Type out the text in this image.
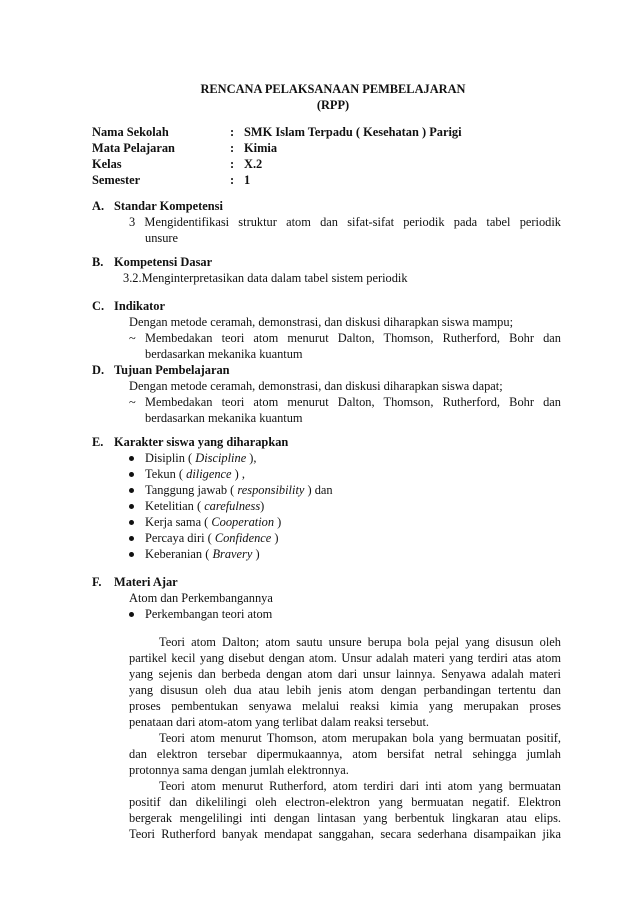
RENCANA PELAKSANAAN PEMBELAJARAN
(RPP)
Nama Sekolah	: SMK Islam Terpadu ( Kesehatan ) Parigi
Mata Pelajaran	: Kimia
Kelas	: X.2
Semester	: 1
A. Standar Kompetensi
3 Mengidentifikasi struktur atom dan sifat-sifat periodik pada tabel periodik
unsure
B. Kompetensi Dasar
3.2.Menginterpretasikan data dalam tabel sistem periodik
C. Indikator
Dengan metode ceramah, demonstrasi, dan diskusi diharapkan siswa mampu;
~ Membedakan teori atom menurut Dalton, Thomson, Rutherford, Bohr dan
berdasarkan mekanika kuantum
D. Tujuan Pembelajaran
Dengan metode ceramah, demonstrasi, dan diskusi diharapkan siswa dapat;
~ Membedakan teori atom menurut Dalton, Thomson, Rutherford, Bohr dan
berdasarkan mekanika kuantum
E. Karakter siswa yang diharapkan
Disiplin ( Discipline ),
Tekun ( diligence ) ,
Tanggung jawab ( responsibility ) dan
Ketelitian ( carefulness)
Kerja sama ( Cooperation )
Percaya diri ( Confidence )
Keberanian ( Bravery )
F. Materi Ajar
Atom dan Perkembangannya
Perkembangan teori atom
Teori atom Dalton; atom sautu unsure berupa bola pejal yang disusun oleh
partikel kecil yang disebut dengan atom. Unsur adalah materi yang terdiri atas atom
yang sejenis dan berbeda dengan atom dari unsur lainnya. Senyawa adalah materi
yang disusun oleh dua atau lebih jenis atom dengan perbandingan tertentu dan
proses pembentukan senyawa melalui reaksi kimia yang merupakan proses
penataan dari atom-atom yang terlibat dalam reaksi tersebut.
Teori atom menurut Thomson, atom merupakan bola yang bermuatan positif,
dan elektron tersebar dipermukaannya, atom bersifat netral sehingga jumlah
protonnya sama dengan jumlah elektronnya.
Teori atom menurut Rutherford, atom terdiri dari inti atom yang bermuatan
positif dan dikelilingi oleh electron-elektron yang bermuatan negatif. Elektron
bergerak mengelilingi inti dengan lintasan yang berbentuk lingkaran atau elips.
Teori Rutherford banyak mendapat sanggahan, secara sederhana disampaikan jika
